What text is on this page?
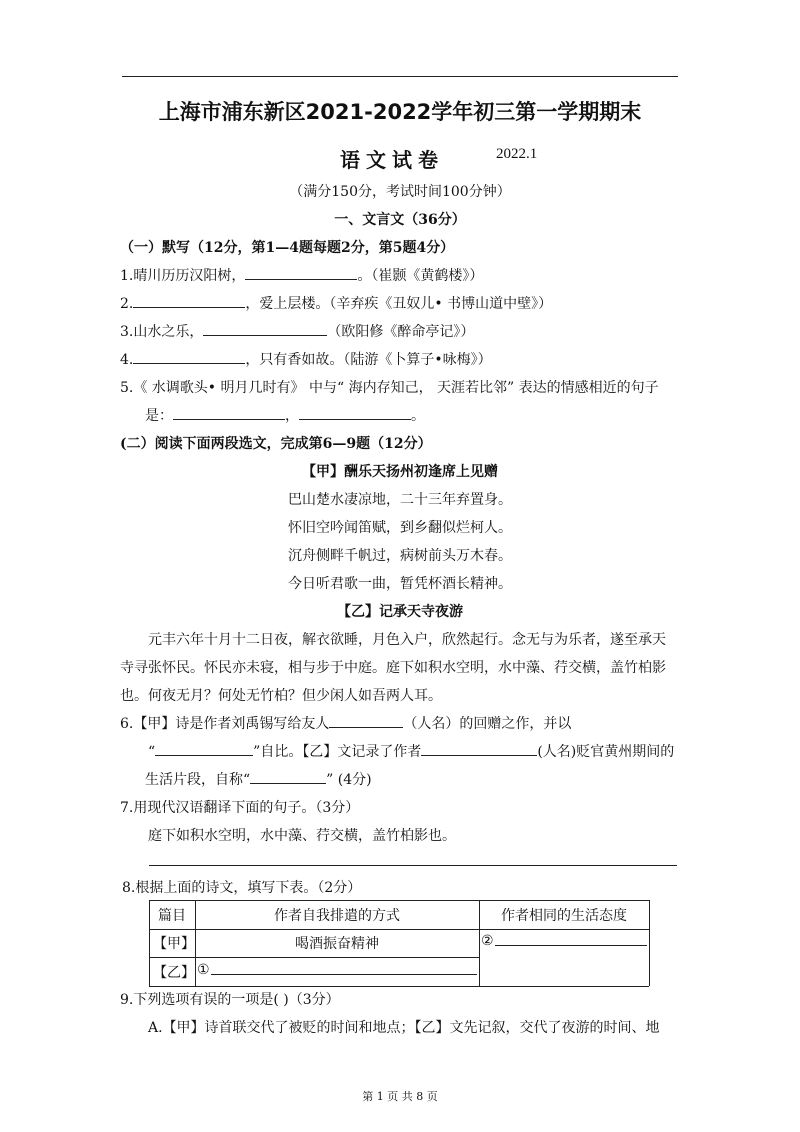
上海市浦东新区2021-2022学年初三第一学期期末
语文试卷	2022.1
（满分150分，考试时间100分钟）
一、文言文（36分）
（一）默写（12分，第1—4题每题2分，第5题4分）
1.晴川历历汉阳树，	。（崔颢《黄鹤楼》）
2.	，爱上层楼。（辛弃疾《丑奴儿• 书博山道中壁》）
3.山水之乐，	（欧阳修《醉命亭记》）
4.	，只有香如故。（陆游《卜算子•咏梅》）
5.《 水调歌头• 明月几时有》 中与“ 海内存知己， 天涯若比邻” 表达的情感相近的句子
是：	，	。
(二）阅读下面两段选文，完成第6—9题（12分）
【甲】酬乐天扬州初逢席上见赠
巴山楚水凄凉地，二十三年弃置身。
怀旧空吟闻笛赋，到乡翻似烂柯人。
沉舟侧畔千帆过，病树前头万木春。
今日听君歌一曲，暂凭杯酒长精神。
【乙】记承天寺夜游
元丰六年十月十二日夜，解衣欲睡，月色入户，欣然起行。念无与为乐者，遂至承天
寺寻张怀民。怀民亦未寝，相与步于中庭。庭下如积水空明，水中藻、荇交横，盖竹柏影
也。何夜无月？何处无竹柏？但少闲人如吾两人耳。
6.【甲】诗是作者刘禹锡写给友人	（人名）的回赠之作，并以
“	”自比。【乙】文记录了作者	(人名)贬官黄州期间的
生活片段，自称“	” (4分)
7.用现代汉语翻译下面的句子。（3分）
庭下如积水空明，水中藻、荇交横，盖竹柏影也。
8.根据上面的诗文，填写下表。（2分）
篇目	作者自我排遣的方式	作者相同的生活态度
【甲】	喝酒振奋精神	②
【乙】 ①
9.下列选项有误的一项是( )（3分）
A.【甲】诗首联交代了被贬的时间和地点；【乙】文先记叙，交代了夜游的时间、地
第 1 页 共 8 页
